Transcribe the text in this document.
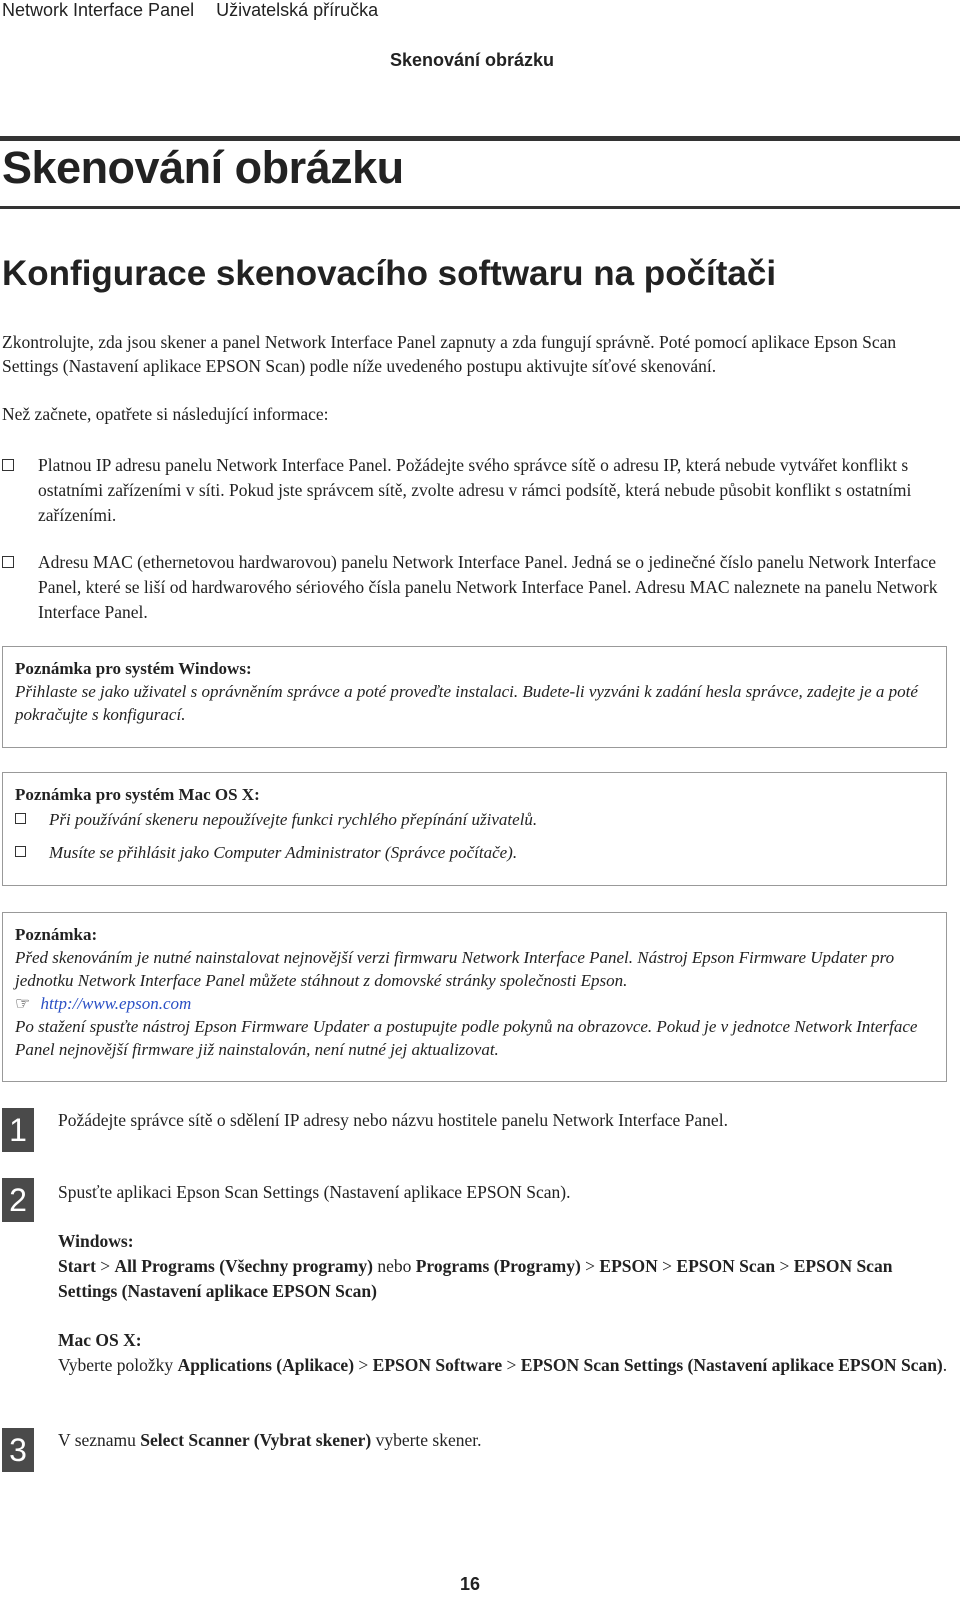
Network Interface Panel Uživatelská příručka
Skenování obrázku
Skenování obrázku
Konfigurace skenovacího softwaru na počítači

Zkontrolujte, zda jsou skener a panel Network Interface Panel zapnuty a zda fungují správně. Poté pomocí aplikace Epson Scan Settings (Nastavení aplikace EPSON Scan) podle níže uvedeného postupu aktivujte síťové skenování.

Než začnete, opatřete si následující informace:

Platnou IP adresu panelu Network Interface Panel. Požádejte svého správce sítě o adresu IP, která nebude vytvářet konflikt s ostatními zařízeními v síti. Pokud jste správcem sítě, zvolte adresu v rámci podsítě, která nebude působit konflikt s ostatními zařízeními.
Adresu MAC (ethernetovou hardwarovou) panelu Network Interface Panel. Jedná se o jedinečné číslo panelu Network Interface Panel, které se liší od hardwarového sériového čísla panelu Network Interface Panel. Adresu MAC naleznete na panelu Network Interface Panel.
Poznámka pro systém Windows:
Přihlaste se jako uživatel s oprávněním správce a poté proveďte instalaci. Budete-li vyzváni k zadání hesla správce, zadejte je a poté pokračujte s konfigurací.
Poznámka pro systém Mac OS X:
Při používání skeneru nepoužívejte funkci rychlého přepínání uživatelů.
Musíte se přihlásit jako Computer Administrator (Správce počítače).
Poznámka:
Před skenováním je nutné nainstalovat nejnovější verzi firmwaru Network Interface Panel. Nástroj Epson Firmware Updater pro jednotku Network Interface Panel můžete stáhnout z domovské stránky společnosti Epson.
☞ http://www.epson.com
Po stažení spusťte nástroj Epson Firmware Updater a postupujte podle pokynů na obrazovce. Pokud je v jednotce Network Interface Panel nejnovější firmware již nainstalován, není nutné jej aktualizovat.
1	Požádejte správce sítě o sdělení IP adresy nebo názvu hostitele panelu Network Interface Panel.
2	Spusťte aplikaci Epson Scan Settings (Nastavení aplikace EPSON Scan).
Windows:
Start > All Programs (Všechny programy) nebo Programs (Programy) > EPSON > EPSON Scan > EPSON Scan Settings (Nastavení aplikace EPSON Scan)
Mac OS X:
Vyberte položky Applications (Aplikace) > EPSON Software > EPSON Scan Settings (Nastavení aplikace EPSON Scan).
3	V seznamu Select Scanner (Vybrat skener) vyberte skener.
16
